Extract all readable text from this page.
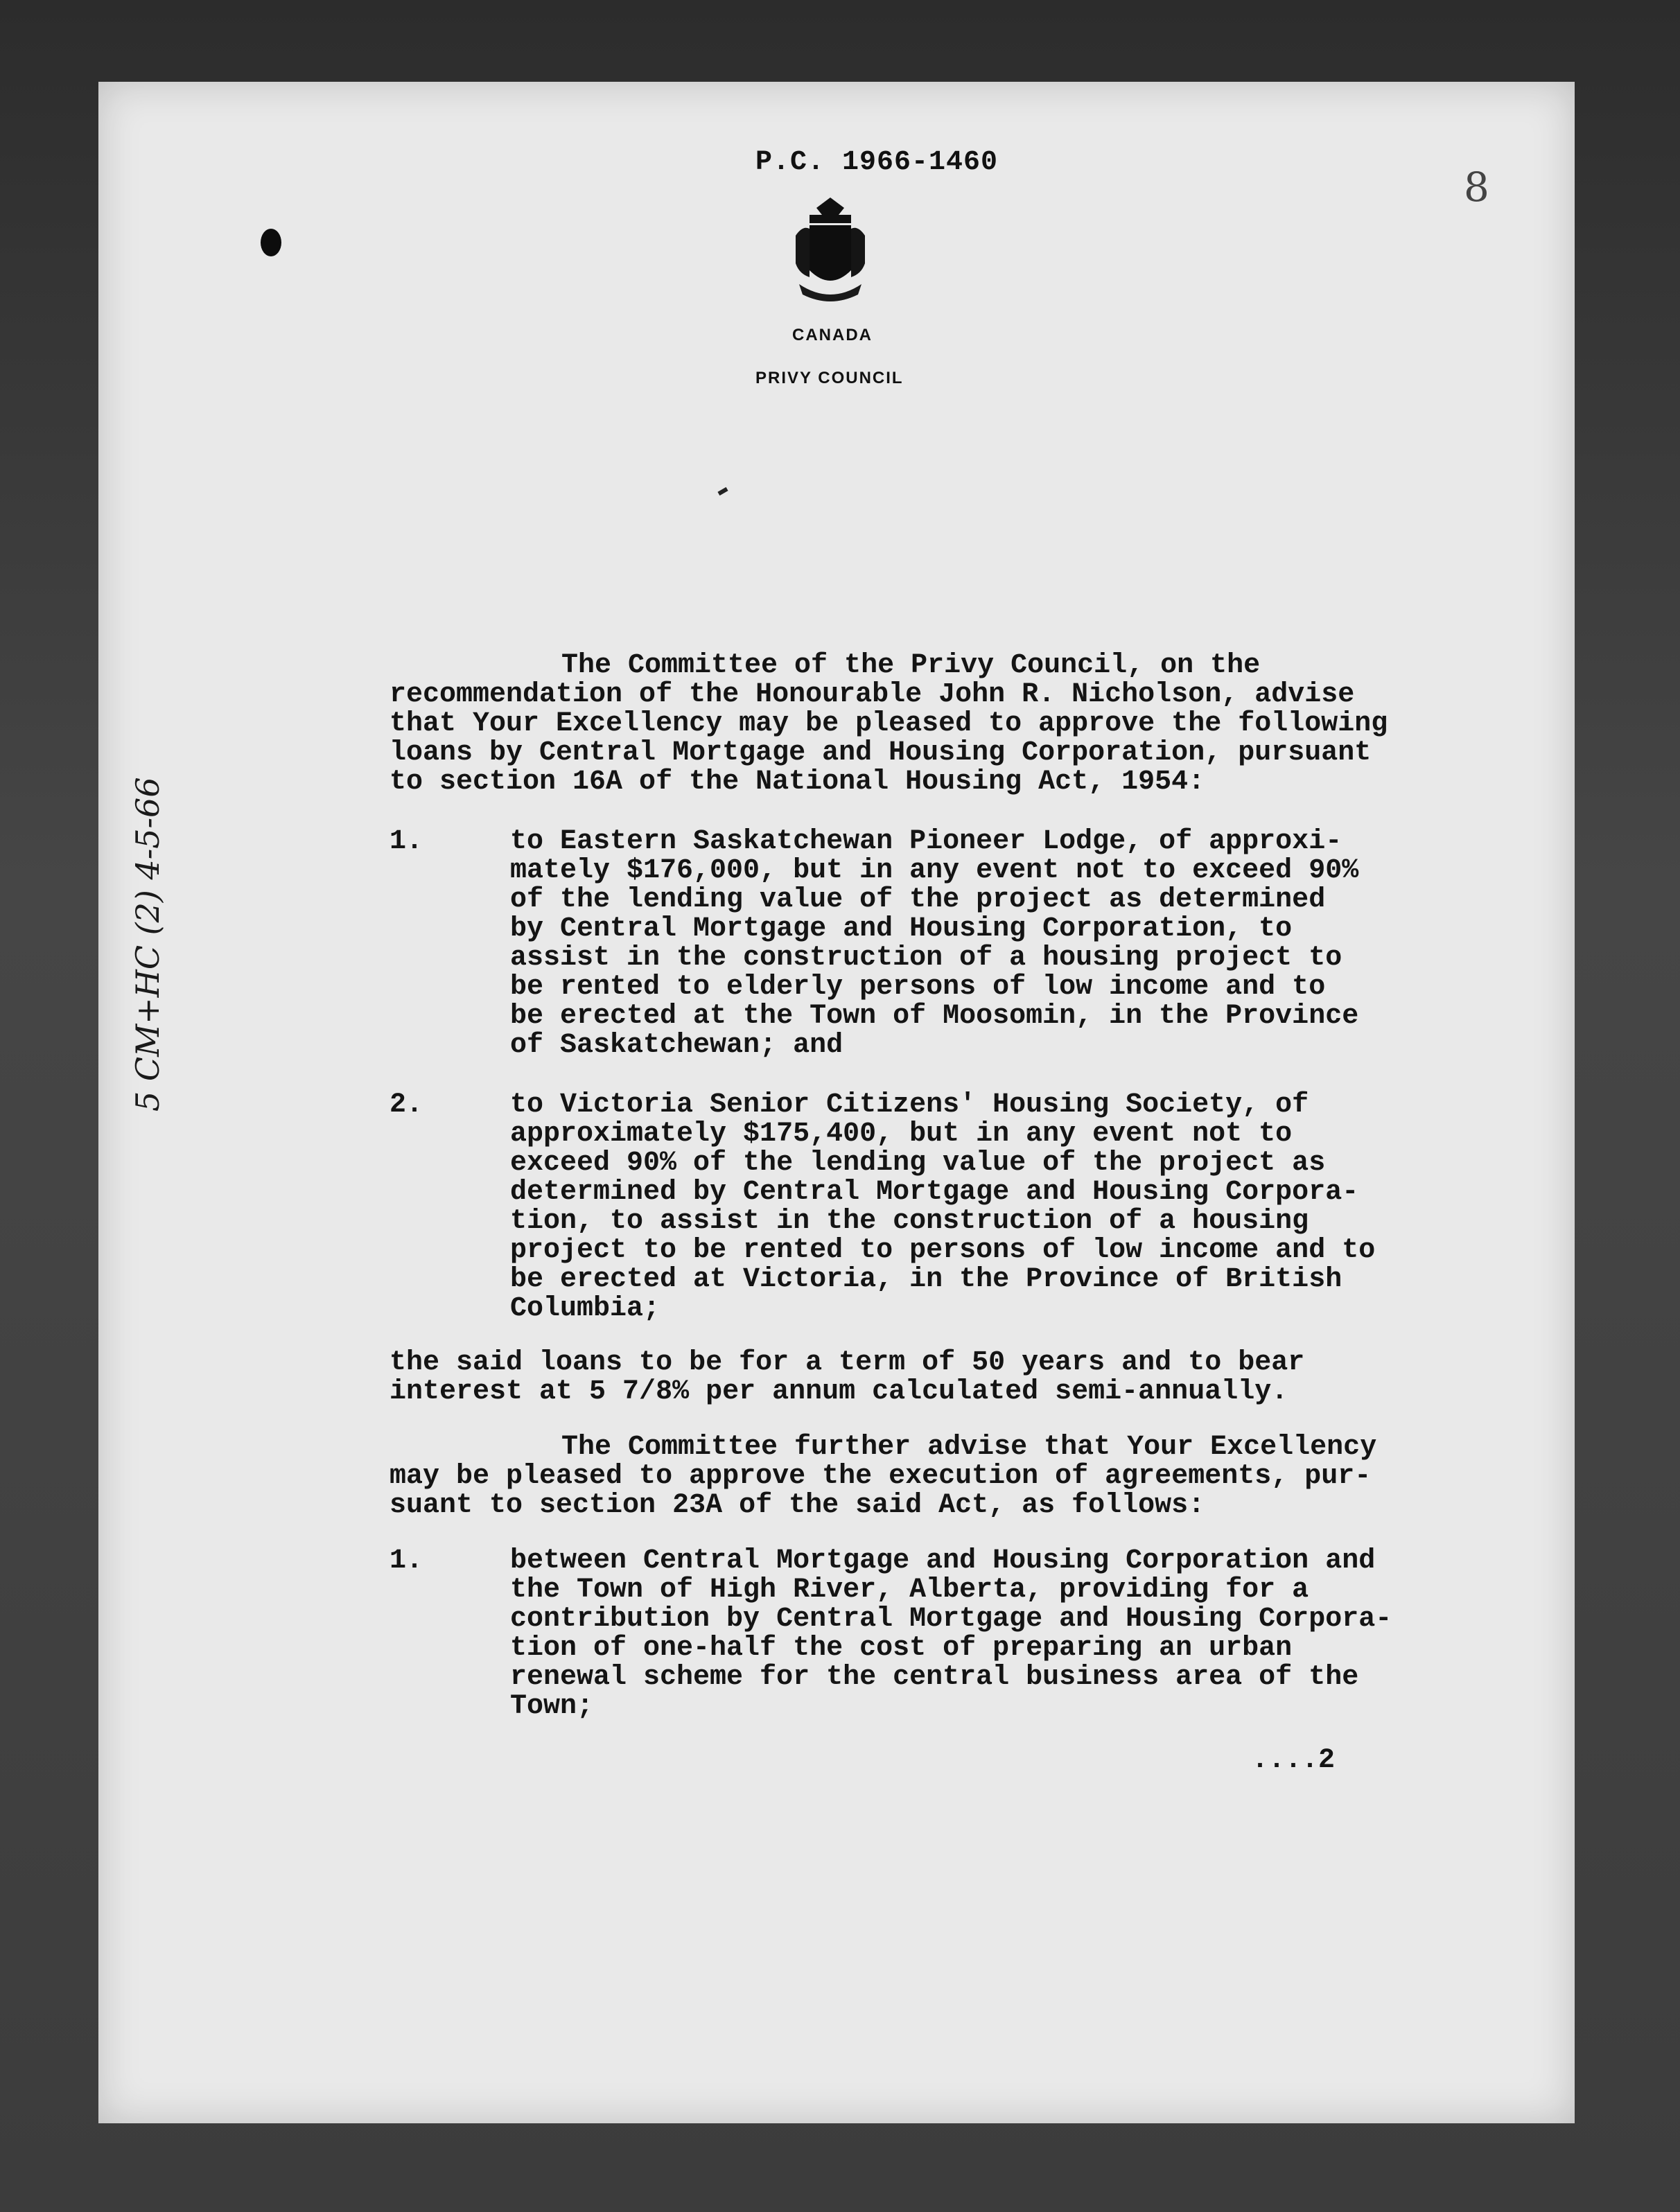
P.C. 1966-1460
8
CANADA
PRIVY COUNCIL
5 CM+HC (2) 4-5-66
The Committee of the Privy Council, on the
recommendation of the Honourable John R. Nicholson, advise
that Your Excellency may be pleased to approve the following
loans by Central Mortgage and Housing Corporation, pursuant
to section 16A of the National Housing Act, 1954:
1.	to Eastern Saskatchewan Pioneer Lodge, of approxi-
mately $176,000, but in any event not to exceed 90%
of the lending value of the project as determined
by Central Mortgage and Housing Corporation, to
assist in the construction of a housing project to
be rented to elderly persons of low income and to
be erected at the Town of Moosomin, in the Province
of Saskatchewan; and
2.	to Victoria Senior Citizens' Housing Society, of
approximately $175,400, but in any event not to
exceed 90% of the lending value of the project as
determined by Central Mortgage and Housing Corpora-
tion, to assist in the construction of a housing
project to be rented to persons of low income and to
be erected at Victoria, in the Province of British
Columbia;
the said loans to be for a term of 50 years and to bear
interest at 5 7/8% per annum calculated semi-annually.
The Committee further advise that Your Excellency
may be pleased to approve the execution of agreements, pur-
suant to section 23A of the said Act, as follows:
1.	between Central Mortgage and Housing Corporation and
the Town of High River, Alberta, providing for a
contribution by Central Mortgage and Housing Corpora-
tion of one-half the cost of preparing an urban
renewal scheme for the central business area of the
Town;
....2
